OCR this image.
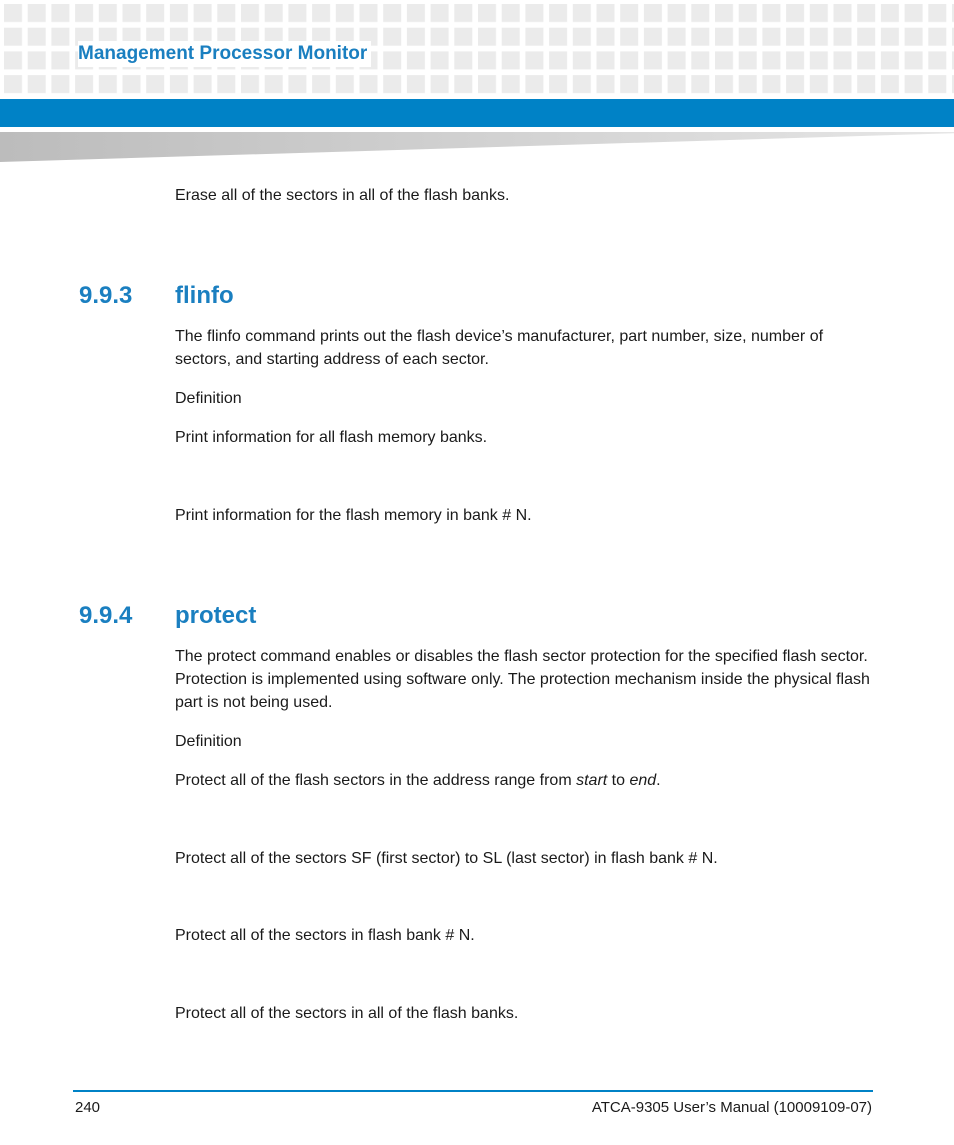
Management Processor Monitor
Erase all of the sectors in all of the flash banks.
9.9.3 flinfo
The flinfo command prints out the flash device’s manufacturer, part number, size, number of sectors, and starting address of each sector.
Definition
Print information for all flash memory banks.
Print information for the flash memory in bank # N.
9.9.4 protect
The protect command enables or disables the flash sector protection for the specified flash sector. Protection is implemented using software only. The protection mechanism inside the physical flash part is not being used.
Definition
Protect all of the flash sectors in the address range from start to end.
Protect all of the sectors SF (first sector) to SL (last sector) in flash bank # N.
Protect all of the sectors in flash bank # N.
Protect all of the sectors in all of the flash banks.
240	ATCA-9305 User’s Manual (10009109-07)
